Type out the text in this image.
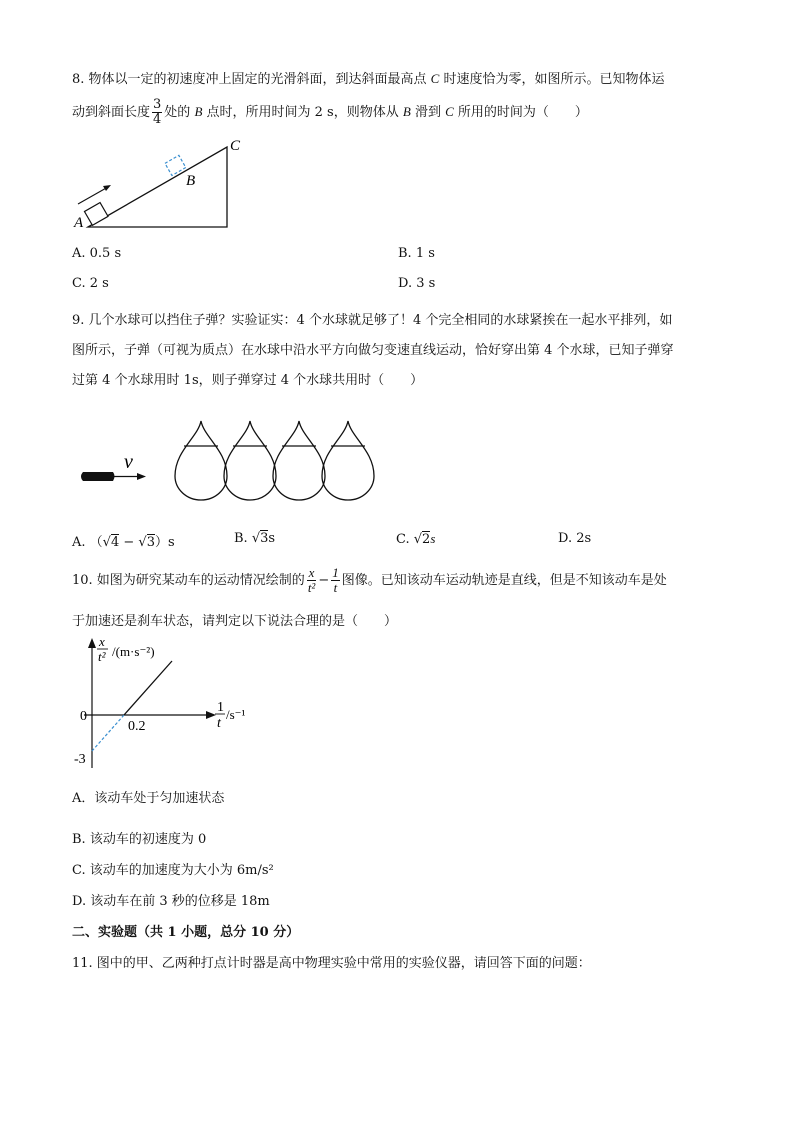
8. 物体以一定的初速度冲上固定的光滑斜面，到达斜面最高点 C 时速度恰为零，如图所示。已知物体运
动到斜面长度 $\frac{3}{4}$ 处的 B 点时，所用时间为 2 s，则物体从 B 滑到 C 所用的时间为（　　）
A
B
C
A. 0.5 s	B. 1 s
C. 2 s	D. 3 s
9. 几个水球可以挡住子弹？实验证实：4 个水球就足够了！4 个完全相同的水球紧挨在一起水平排列，如
图所示，子弹（可视为质点）在水球中沿水平方向做匀变速直线运动，恰好穿出第 4 个水球，已知子弹穿
过第 4 个水球用时 1s，则子弹穿过 4 个水球共用时（　　）
v
A. （√4 − √3）s	B. √3s	C. √2s	D. 2s
10. 如图为研究某动车的运动情况绘制的 $\frac{x}{\text{t²}} - \frac{1}{t}$ 图像。已知该动车运动轨迹是直线，但是不知该动车是处
于加速还是刹车状态，请判定以下说法合理的是（　　）
0
0.2
-3
x
t² /(m·s⁻²)
1
t
/s⁻¹
A．该动车处于匀加速状态
B. 该动车的初速度为 0
C. 该动车的加速度为大小为 6m/s²
D. 该动车在前 3 秒的位移是 18m
二、实验题（共 1 小题，总分 10 分）
11. 图中的甲、乙两种打点计时器是高中物理实验中常用的实验仪器，请回答下面的问题：
